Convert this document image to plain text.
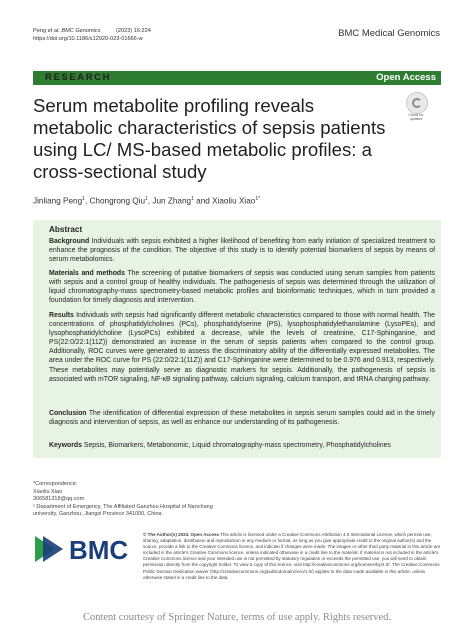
Peng et al. BMC Genomics	(2023) 16:224
https://doi.org/10.1186/s12920-023-01666-w	BMC Medical Genomics
RESEARCH	Open Access
Check for updates
Serum metabolite profiling reveals metabolic characteristics of sepsis patients using LC/ MS-based metabolic profiles: a cross-sectional study
Jinliang Peng$^1$, Chongrong Qiu$^1$, Jun Zhang$^1$ and Xiaoliu Xiao$^{1*}$
Abstract
Background Individuals with sepsis exhibited a higher likelihood of benefiting from early initiation of specialized treatment to enhance the prognosis of the condition. The objective of this study is to identify potential biomarkers of sepsis by means of serum metabolomics.
Materials and methods The screening of putative biomarkers of sepsis was conducted using serum samples from patients with sepsis and a control group of healthy individuals. The pathogenesis of sepsis was determined through the utilization of liquid chromatography-mass spectrometry-based metabolic profiles and bioinformatic techniques, which in turn provided a foundation for timely diagnosis and intervention.
Results Individuals with sepsis had significantly different metabolic characteristics compared to those with normal health. The concentrations of phosphatidylcholines (PCs), phosphatidylserine (PS), lysophosphatidylethanolamine (LysoPEs), and lysophosphatidylcholine (LysoPCs) exhibited a decrease, while the levels of creatinine, C17-Sphinganine, and PS(22:0/22:1(11Z)) demonstrated an increase in the serum of sepsis patients when compared to the control group. Additionally, ROC curves were generated to assess the discriminatory ability of the differentially expressed metabolites. The area under the ROC curve for PS (22:0/22:1(11Z)) and C17-Sphinganine were determined to be 0.976 and 0.913, respectively. These metabolites may potentially serve as diagnostic markers for sepsis. Additionally, the pathogenesis of sepsis is associated with mTOR signaling, NF-κB signaling pathway, calcium signaling, calcium transport, and tRNA charging pathway.
Conclusion The identification of differential expression of these metabolites in sepsis serum samples could aid in the timely diagnosis and intervention of sepsis, as well as enhance our understanding of its pathogenesis.
Keywords Sepsis, Biomarkers, Metabonomic, Liquid chromatography-mass spectrometry, Phosphatidylcholines
*Correspondence:
Xiaoliu Xiao
306581318@qq.com
¹ Department of Emergency, The Affiliated Ganzhou Hospital of Nanchang
university, Ganzhou, Jiangxi Province 341000, China
BMC
© The Author(s) 2023. Open Access This article is licensed under a Creative Commons Attribution 4.0 International License, which permits use, sharing, adaptation, distribution and reproduction in any medium or format, as long as you give appropriate credit to the original author(s) and the source, provide a link to the Creative Commons licence, and indicate if changes were made. The images or other third party material in this article are included in the article's Creative Commons licence, unless indicated otherwise in a credit line to the material. If material is not included in the article's Creative Commons licence and your intended use is not permitted by statutory regulation or exceeds the permitted use, you will need to obtain permission directly from the copyright holder. To view a copy of this licence, visit http://creativecommons.org/licenses/by/4.0/. The Creative Commons Public Domain Dedication waiver (http://creativecommons.org/publicdomain/zero/1.0/) applies to the data made available in this article, unless otherwise stated in a credit line to the data.
Content courtesy of Springer Nature, terms of use apply. Rights reserved.
